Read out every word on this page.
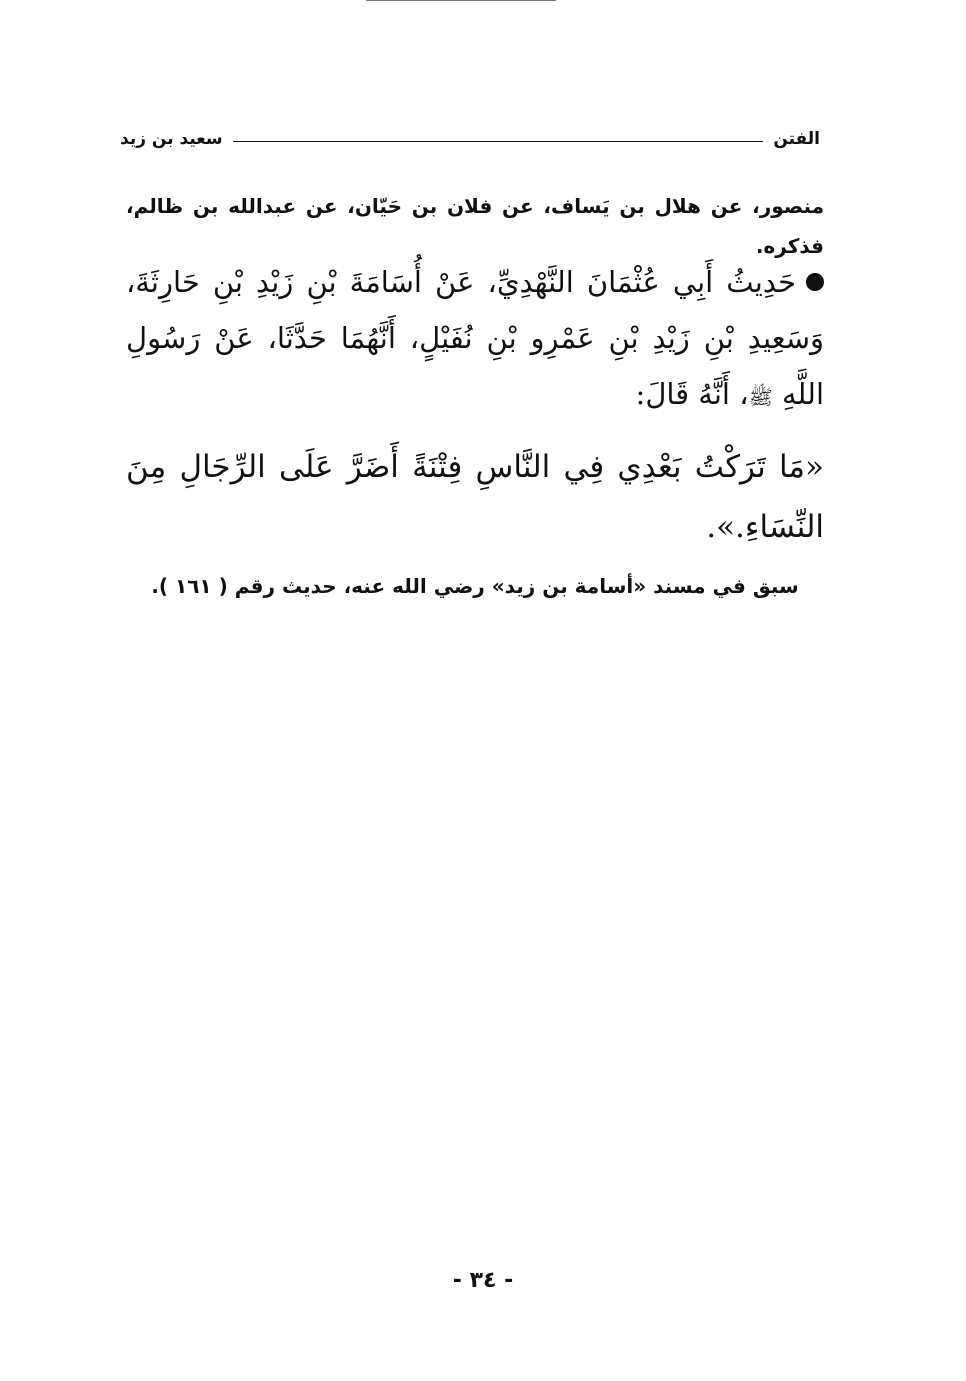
الفتن
سعيد بن زيد
منصور، عن هلال بن يَساف، عن فلان بن حَيّان، عن عبدالله بن ظالم، فذكره.
حَدِيثُ أَبِي عُثْمَانَ النَّهْدِيِّ، عَنْ أُسَامَةَ بْنِ زَيْدِ بْنِ حَارِثَةَ، وَسَعِيدِ بْنِ زَيْدِ بْنِ عَمْرِو بْنِ نُفَيْلٍ، أَنَّهُمَا حَدَّثَا، عَنْ رَسُولِ اللَّهِ ﷺ، أَنَّهُ قَالَ:
«مَا تَرَكْتُ بَعْدِي فِي النَّاسِ فِتْنَةً أَضَرَّ عَلَى الرِّجَالِ مِنَ النِّسَاءِ.».
سبق في مسند «أسامة بن زيد» رضي الله عنه، حديث رقم ( ١٦١ ).
- ٣٤ -
